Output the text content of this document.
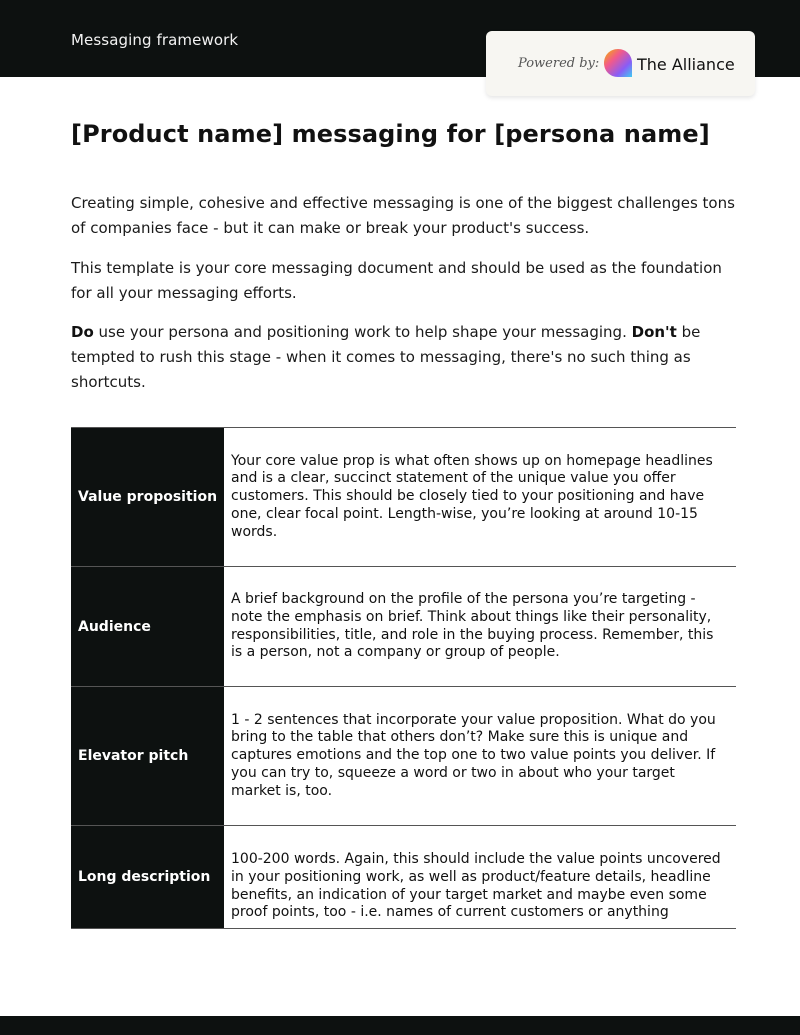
Messaging framework
Powered by: The Alliance
[Product name] messaging for [persona name]

Creating simple, cohesive and effective messaging is one of the biggest challenges tons of companies face - but it can make or break your product's success.

This template is your core messaging document and should be used as the foundation for all your messaging efforts.

Do use your persona and positioning work to help shape your messaging. Don't be tempted to rush this stage - when it comes to messaging, there's no such thing as shortcuts.

Value proposition
Your core value prop is what often shows up on homepage headlines and is a clear, succinct statement of the unique value you offer customers. This should be closely tied to your positioning and have one, clear focal point. Length-wise, you’re looking at around 10-15 words.
Audience
A brief background on the profile of the persona you’re targeting - note the emphasis on brief. Think about things like their personality, responsibilities, title, and role in the buying process. Remember, this is a person, not a company or group of people.
Elevator pitch
1 - 2 sentences that incorporate your value proposition. What do you bring to the table that others don’t? Make sure this is unique and captures emotions and the top one to two value points you deliver. If you can try to, squeeze a word or two in about who your target market is, too.
Long description
100-200 words. Again, this should include the value points uncovered in your positioning work, as well as product/feature details, headline benefits, an indication of your target market and maybe even some proof points, too - i.e. names of current customers or anything
